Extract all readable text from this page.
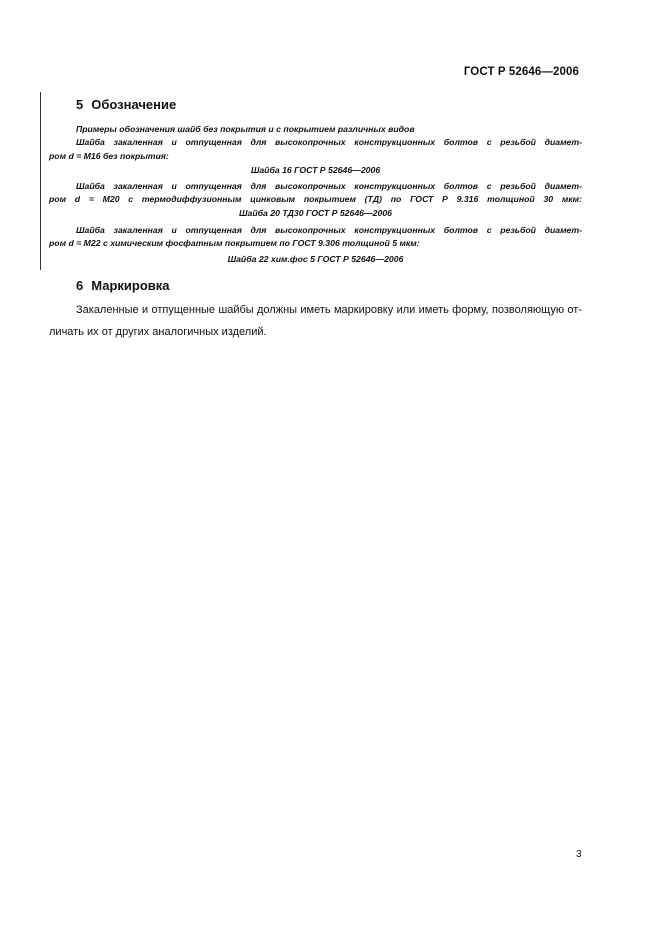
ГОСТ Р 52646—2006
5 Обозначение
Примеры обозначения шайб без покрытия и с покрытием различных видов
Шайба закаленная и отпущенная для высокопрочных конструкционных болтов с резьбой диамет-
ром d = M16 без покрытия:
Шайба 16 ГОСТ Р 52646—2006
Шайба закаленная и отпущенная для высокопрочных конструкционных болтов с резьбой диамет-
ром d = M20 с термодиффузионным цинковым покрытием (ТД) по ГОСТ Р 9.316 толщиной 30 мкм:
Шайба 20 ТД30 ГОСТ Р 52646—2006
Шайба закаленная и отпущенная для высокопрочных конструкционных болтов с резьбой диамет-
ром d = M22 с химическим фосфатным покрытием по ГОСТ 9.306 толщиной 5 мкм:
Шайба 22 хим.фос 5 ГОСТ Р 52646—2006
6 Маркировка
Закаленные и отпущенные шайбы должны иметь маркировку или иметь форму, позволяющую от-
личать их от других аналогичных изделий.
3
